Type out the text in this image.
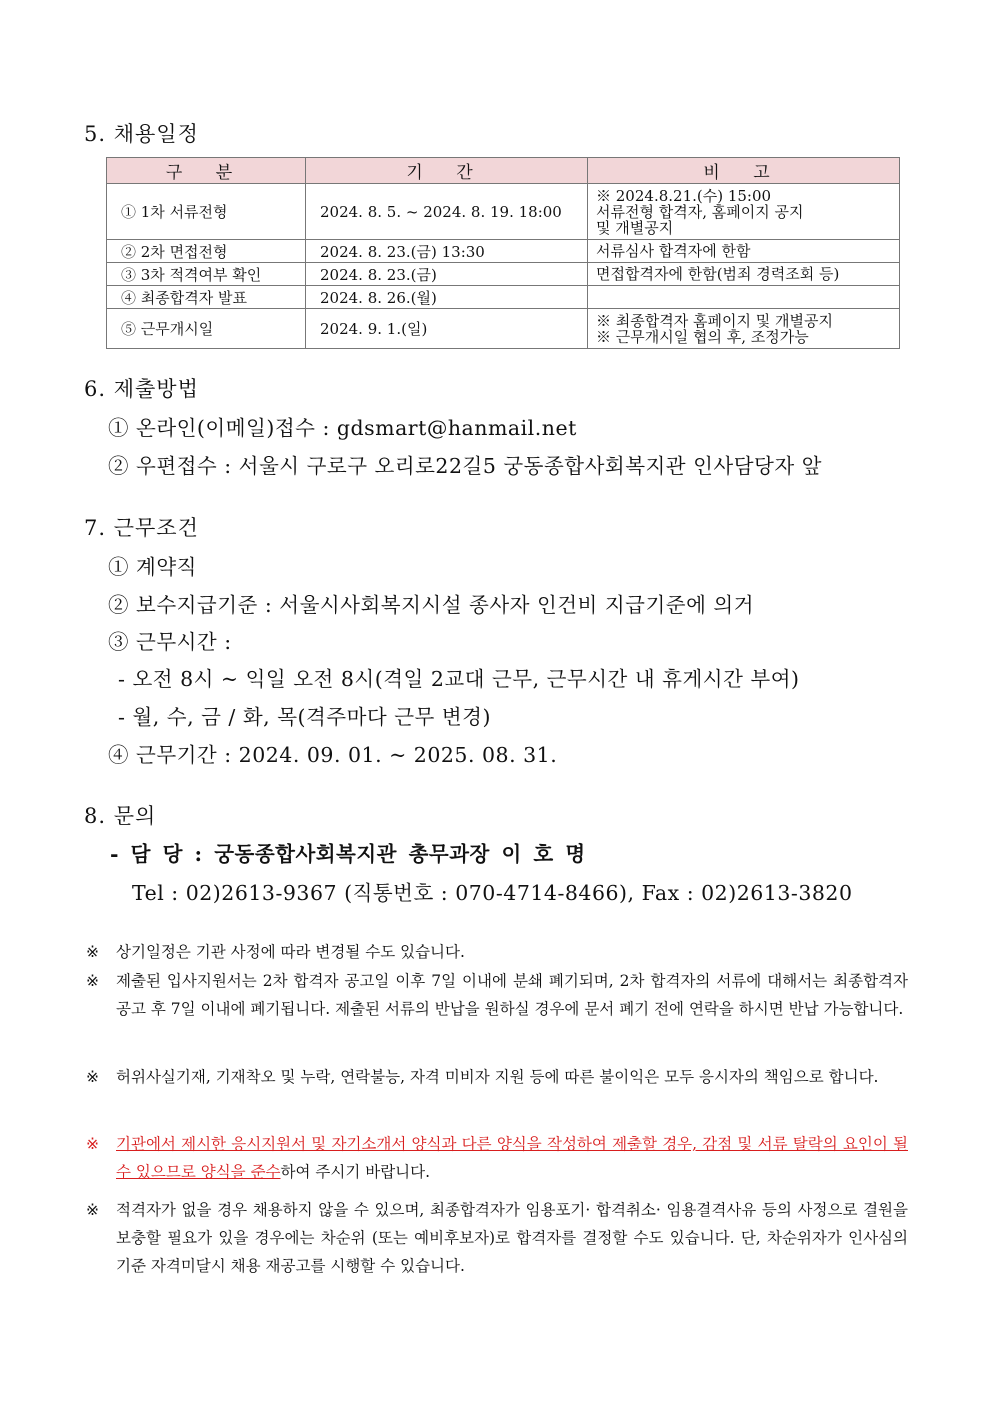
5. 채용일정
구 분	기 간	비 고
① 1차 서류전형	2024. 8. 5. ~ 2024. 8. 19. 18:00	※ 2024.8.21.(수) 15:00
서류전형 합격자, 홈페이지 공지
및 개별공지

② 2차 면접전형	2024. 8. 23.(금) 13:30	서류심사 합격자에 한함
③ 3차 적격여부 확인	2024. 8. 23.(금)	면접합격자에 한함(범죄 경력조회 등)
④ 최종합격자 발표	2024. 8. 26.(월)	
⑤ 근무개시일	2024. 9. 1.(일)	※ 최종합격자 홈페이지 및 개별공지
※ 근무개시일 협의 후, 조정가능
6. 제출방법
① 온라인(이메일)접수 : gdsmart@hanmail.net
② 우편접수 : 서울시 구로구 오리로22길5 궁동종합사회복지관 인사담당자 앞
7. 근무조건
① 계약직
② 보수지급기준 : 서울시사회복지시설 종사자 인건비 지급기준에 의거
③ 근무시간 :
- 오전 8시 ~ 익일 오전 8시(격일 2교대 근무, 근무시간 내 휴게시간 부여)
- 월, 수, 금 / 화, 목(격주마다 근무 변경)
④ 근무기간 : 2024. 09. 01. ~ 2025. 08. 31.
8. 문의
- 담 당 : 궁동종합사회복지관 총무과장 이 호 명
Tel : 02)2613-9367 (직통번호 : 070-4714-8466), Fax : 02)2613-3820
※	상기일정은 기관 사정에 따라 변경될 수도 있습니다.
※	제출된 입사지원서는 2차 합격자 공고일 이후 7일 이내에 분쇄 폐기되며, 2차 합격자의 서류에 대해서는 최종합격자 공고 후 7일 이내에 폐기됩니다. 제출된 서류의 반납을 원하실 경우에 문서 폐기 전에 연락을 하시면 반납 가능합니다.
※	허위사실기재, 기재착오 및 누락, 연락불능, 자격 미비자 지원 등에 따른 불이익은 모두 응시자의 책임으로 합니다.
※	기관에서 제시한 응시지원서 및 자기소개서 양식과 다른 양식을 작성하여 제출할 경우, 감점 및 서류 탈락의 요인이 될 수 있으므로 양식을 준수하여 주시기 바랍니다.
※	적격자가 없을 경우 채용하지 않을 수 있으며, 최종합격자가 임용포기· 합격취소· 임용결격사유 등의 사정으로 결원을 보충할 필요가 있을 경우에는 차순위 (또는 예비후보자)로 합격자를 결정할 수도 있습니다. 단, 차순위자가 인사심의 기준 자격미달시 채용 재공고를 시행할 수 있습니다.
